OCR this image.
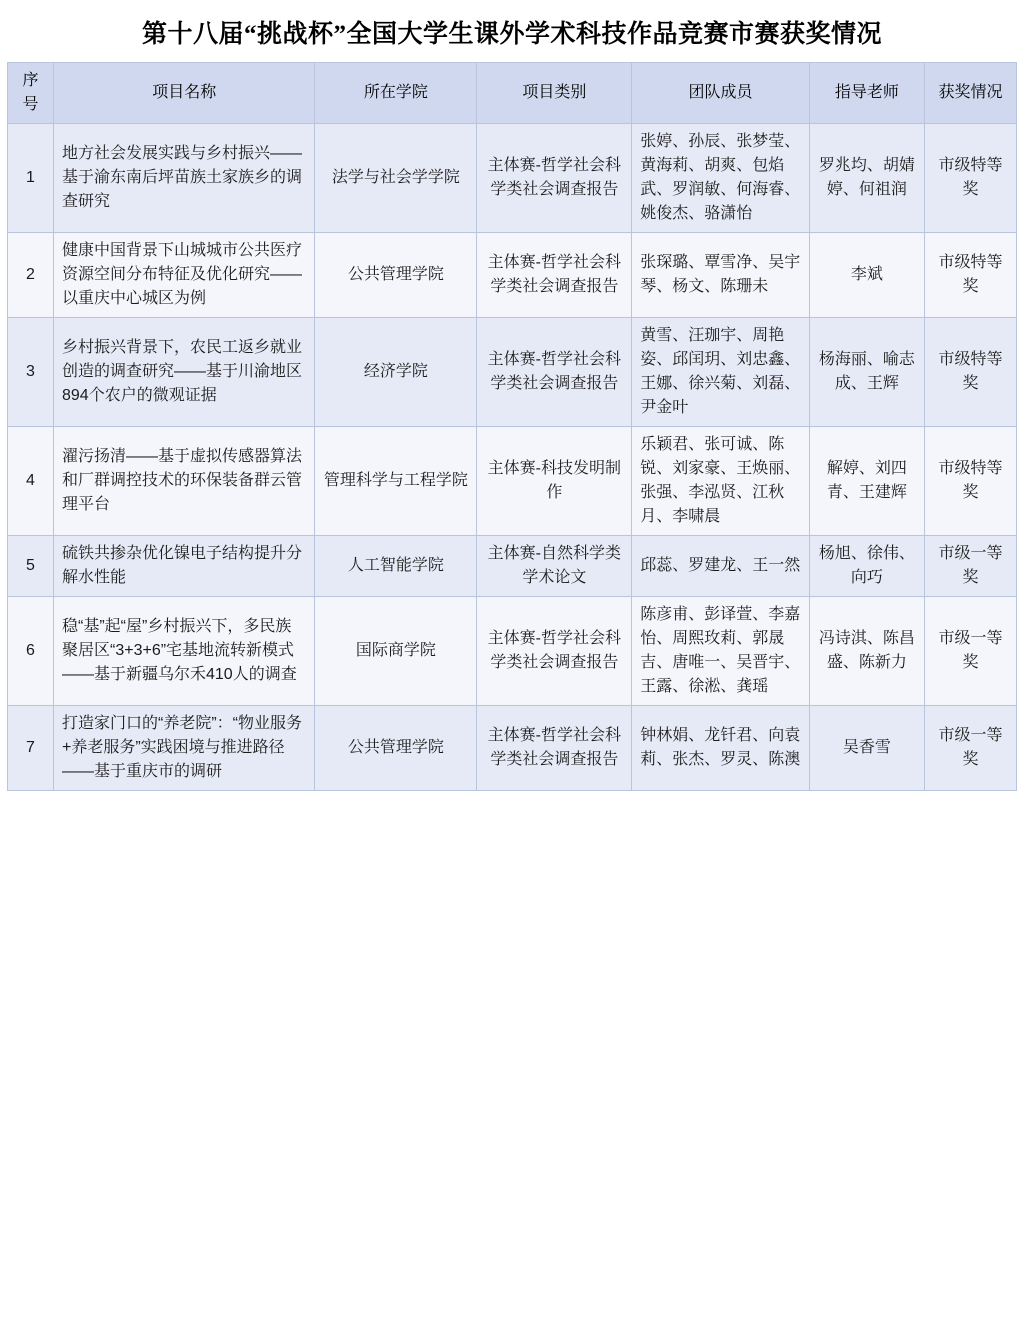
第十八届“挑战杯”全国大学生课外学术科技作品竞赛市赛获奖情况
序号	项目名称	所在学院	项目类别	团队成员	指导老师	获奖情况
1	地方社会发展实践与乡村振兴——基于渝东南后坪苗族土家族乡的调查研究	法学与社会学学院	主体赛-哲学社会科学类社会调查报告	张婷、孙辰、张梦莹、黄海莉、胡爽、包焰武、罗润敏、何海睿、姚俊杰、骆潇怡	罗兆均、胡婧婷、何祖润	市级特等奖
2	健康中国背景下山城城市公共医疗资源空间分布特征及优化研究——以重庆中心城区为例	公共管理学院	主体赛-哲学社会科学类社会调查报告	张琛璐、覃雪净、吴宇琴、杨文、陈珊未	李斌	市级特等奖
3	乡村振兴背景下，农民工返乡就业创造的调查研究——基于川渝地区894个农户的微观证据	经济学院	主体赛-哲学社会科学类社会调查报告	黄雪、汪珈宇、周艳姿、邱闰玥、刘忠鑫、王娜、徐兴菊、刘磊、尹金叶	杨海丽、喻志成、王辉	市级特等奖
4	濯污扬清——基于虚拟传感器算法和厂群调控技术的环保装备群云管理平台	管理科学与工程学院	主体赛-科技发明制作	乐颖君、张可诚、陈锐、刘家豪、王焕丽、张强、李泓贤、江秋月、李啸晨	解婷、刘四青、王建辉	市级特等奖
5	硫铁共掺杂优化镍电子结构提升分解水性能	人工智能学院	主体赛-自然科学类学术论文	邱蕊、罗建龙、王一然	杨旭、徐伟、向巧	市级一等奖
6	稳“基”起“屋”乡村振兴下，多民族聚居区“3+3+6”宅基地流转新模式——基于新疆乌尔禾410人的调查	国际商学院	主体赛-哲学社会科学类社会调查报告	陈彦甫、彭译萱、李嘉怡、周熙玫莉、郭晟吉、唐唯一、吴晋宇、王露、徐淞、龚瑶	冯诗淇、陈昌盛、陈新力	市级一等奖
7	打造家门口的“养老院”：“物业服务+养老服务”实践困境与推进路径——基于重庆市的调研	公共管理学院	主体赛-哲学社会科学类社会调查报告	钟林娟、龙钎君、向袁莉、张杰、罗灵、陈澳	吴香雪	市级一等奖
